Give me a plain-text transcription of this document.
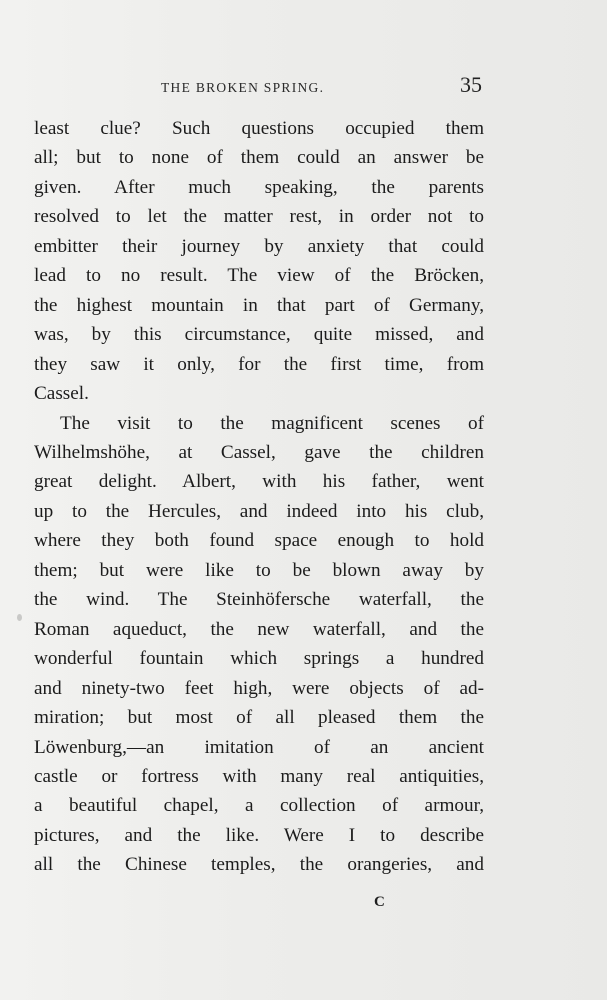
THE BROKEN SPRING.	35
least clue? Such questions occupied them
all; but to none of them could an answer be
given. After much speaking, the parents
resolved to let the matter rest, in order not to
embitter their journey by anxiety that could
lead to no result. The view of the Bröcken,
the highest mountain in that part of Germany,
was, by this circumstance, quite missed, and
they saw it only, for the first time, from
Cassel.
The visit to the magnificent scenes of
Wilhelmshöhe, at Cassel, gave the children
great delight. Albert, with his father, went
up to the Hercules, and indeed into his club,
where they both found space enough to hold
them; but were like to be blown away by
the wind. The Steinhöfersche waterfall, the
Roman aqueduct, the new waterfall, and the
wonderful fountain which springs a hundred
and ninety-two feet high, were objects of ad-
miration; but most of all pleased them the
Löwenburg,—an imitation of an ancient
castle or fortress with many real antiquities,
a beautiful chapel, a collection of armour,
pictures, and the like. Were I to describe
all the Chinese temples, the orangeries, and
C
